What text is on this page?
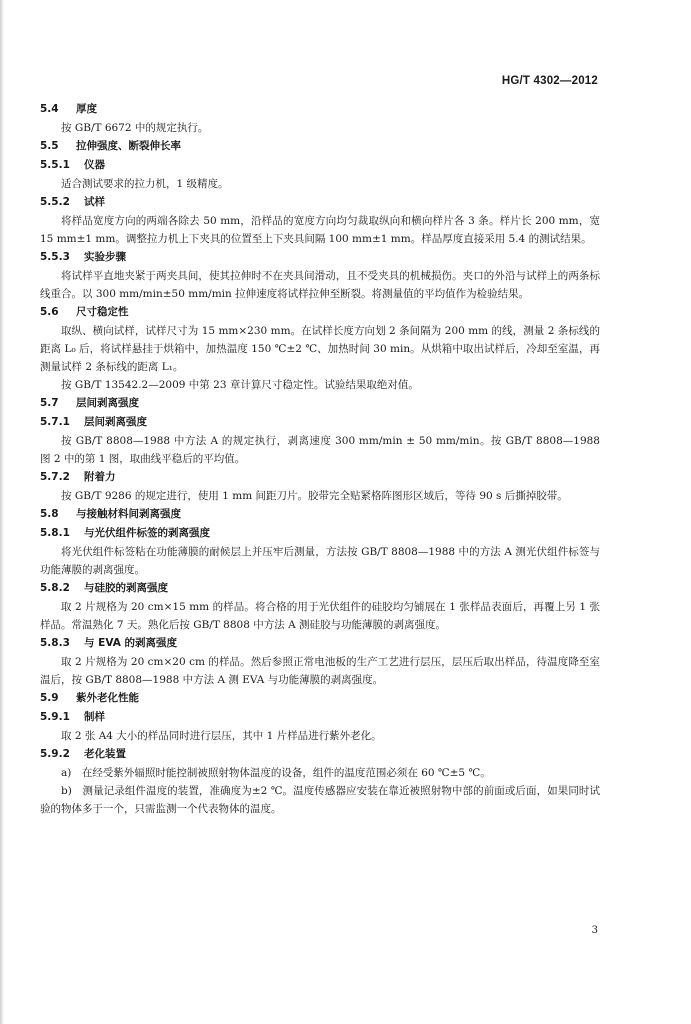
HG/T 4302—2012
5.4 厚度

按 GB/T 6672 中的规定执行。

5.5 拉伸强度、断裂伸长率
5.5.1 仪器

适合测试要求的拉力机，1 级精度。

5.5.2 试样

将样品宽度方向的两端各除去 50 mm，沿样品的宽度方向均匀裁取纵向和横向样片各 3 条。样片长 200 mm，宽 15 mm±1 mm。调整拉力机上下夹具的位置至上下夹具间隔 100 mm±1 mm。样品厚度直接采用 5.4 的测试结果。

5.5.3 实验步骤

将试样平直地夹紧于两夹具间，使其拉伸时不在夹具间滑动，且不受夹具的机械损伤。夹口的外沿与试样上的两条标线重合。以 300 mm/min±50 mm/min 拉伸速度将试样拉伸至断裂。将测量值的平均值作为检验结果。

5.6 尺寸稳定性

取纵、横向试样，试样尺寸为 15 mm×230 mm。在试样长度方向划 2 条间隔为 200 mm 的线，测量 2 条标线的距离 L₀ 后，将试样悬挂于烘箱中，加热温度 150 ℃±2 ℃、加热时间 30 min。从烘箱中取出试样后，冷却至室温，再测量试样 2 条标线的距离 L₁。

按 GB/T 13542.2—2009 中第 23 章计算尺寸稳定性。试验结果取绝对值。

5.7 层间剥离强度
5.7.1 层间剥离强度

按 GB/T 8808—1988 中方法 A 的规定执行，剥离速度 300 mm/min ± 50 mm/min。按 GB/T 8808—1988 图 2 中的第 1 图，取曲线平稳后的平均值。

5.7.2 附着力

按 GB/T 9286 的规定进行，使用 1 mm 间距刀片。胶带完全贴紧格阵图形区域后，等待 90 s 后撕掉胶带。

5.8 与接触材料间剥离强度
5.8.1 与光伏组件标签的剥离强度

将光伏组件标签粘在功能薄膜的耐候层上并压牢后测量，方法按 GB/T 8808—1988 中的方法 A 测光伏组件标签与功能薄膜的剥离强度。

5.8.2 与硅胶的剥离强度

取 2 片规格为 20 cm×15 mm 的样品。将合格的用于光伏组件的硅胶均匀铺展在 1 张样品表面后，再覆上另 1 张样品。常温熟化 7 天。熟化后按 GB/T 8808 中方法 A 测硅胶与功能薄膜的剥离强度。

5.8.3 与 EVA 的剥离强度

取 2 片规格为 20 cm×20 cm 的样品。然后参照正常电池板的生产工艺进行层压，层压后取出样品，待温度降至室温后，按 GB/T 8808—1988 中方法 A 测 EVA 与功能薄膜的剥离强度。

5.9 紫外老化性能
5.9.1 制样

取 2 张 A4 大小的样品同时进行层压，其中 1 片样品进行紫外老化。

5.9.2 老化装置

a)　在经受紫外辐照时能控制被照射物体温度的设备，组件的温度范围必须在 60 ℃±5 ℃。

b)　测量记录组件温度的装置，准确度为±2 ℃。温度传感器应安装在靠近被照射物中部的前面或后面，如果同时试验的物体多于一个，只需监测一个代表物体的温度。

3
